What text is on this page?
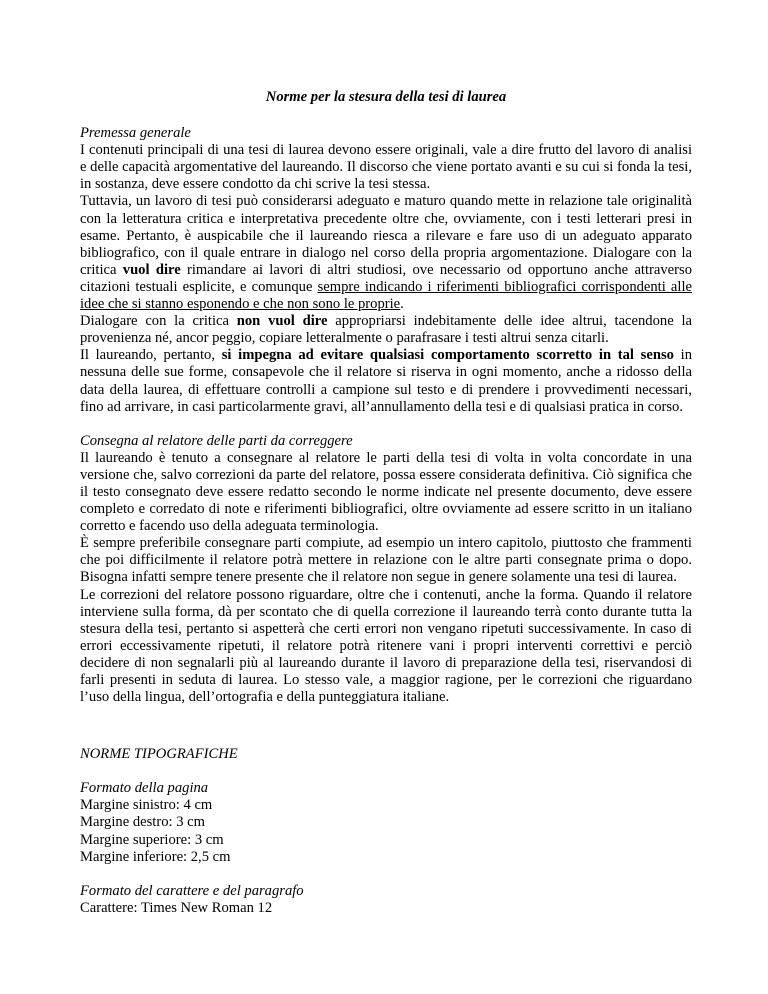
Norme per la stesura della tesi di laurea
Premessa generale

I contenuti principali di una tesi di laurea devono essere originali, vale a dire frutto del lavoro di analisi e delle capacità argomentative del laureando. Il discorso che viene portato avanti e su cui si fonda la tesi, in sostanza, deve essere condotto da chi scrive la tesi stessa.

Tuttavia, un lavoro di tesi può considerarsi adeguato e maturo quando mette in relazione tale originalità con la letteratura critica e interpretativa precedente oltre che, ovviamente, con i testi letterari presi in esame. Pertanto, è auspicabile che il laureando riesca a rilevare e fare uso di un adeguato apparato bibliografico, con il quale entrare in dialogo nel corso della propria argomentazione. Dialogare con la critica vuol dire rimandare ai lavori di altri studiosi, ove necessario od opportuno anche attraverso citazioni testuali esplicite, e comunque sempre indicando i riferimenti bibliografici corrispondenti alle idee che si stanno esponendo e che non sono le proprie.

Dialogare con la critica non vuol dire appropriarsi indebitamente delle idee altrui, tacendone la provenienza né, ancor peggio, copiare letteralmente o parafrasare i testi altrui senza citarli.

Il laureando, pertanto, si impegna ad evitare qualsiasi comportamento scorretto in tal senso in nessuna delle sue forme, consapevole che il relatore si riserva in ogni momento, anche a ridosso della data della laurea, di effettuare controlli a campione sul testo e di prendere i provvedimenti necessari, fino ad arrivare, in casi particolarmente gravi, all’annullamento della tesi e di qualsiasi pratica in corso.

Consegna al relatore delle parti da correggere

Il laureando è tenuto a consegnare al relatore le parti della tesi di volta in volta concordate in una versione che, salvo correzioni da parte del relatore, possa essere considerata definitiva. Ciò significa che il testo consegnato deve essere redatto secondo le norme indicate nel presente documento, deve essere completo e corredato di note e riferimenti bibliografici, oltre ovviamente ad essere scritto in un italiano corretto e facendo uso della adeguata terminologia.

È sempre preferibile consegnare parti compiute, ad esempio un intero capitolo, piuttosto che frammenti che poi difficilmente il relatore potrà mettere in relazione con le altre parti consegnate prima o dopo. Bisogna infatti sempre tenere presente che il relatore non segue in genere solamente una tesi di laurea.

Le correzioni del relatore possono riguardare, oltre che i contenuti, anche la forma. Quando il relatore interviene sulla forma, dà per scontato che di quella correzione il laureando terrà conto durante tutta la stesura della tesi, pertanto si aspetterà che certi errori non vengano ripetuti successivamente. In caso di errori eccessivamente ripetuti, il relatore potrà ritenere vani i propri interventi correttivi e perciò decidere di non segnalarli più al laureando durante il lavoro di preparazione della tesi, riservandosi di farli presenti in seduta di laurea. Lo stesso vale, a maggior ragione, per le correzioni che riguardano l’uso della lingua, dell’ortografia e della punteggiatura italiane.

NORME TIPOGRAFICHE
Formato della pagina
Margine sinistro: 4 cm
Margine destro: 3 cm
Margine superiore: 3 cm
Margine inferiore: 2,5 cm
Formato del carattere e del paragrafo
Carattere: Times New Roman 12
